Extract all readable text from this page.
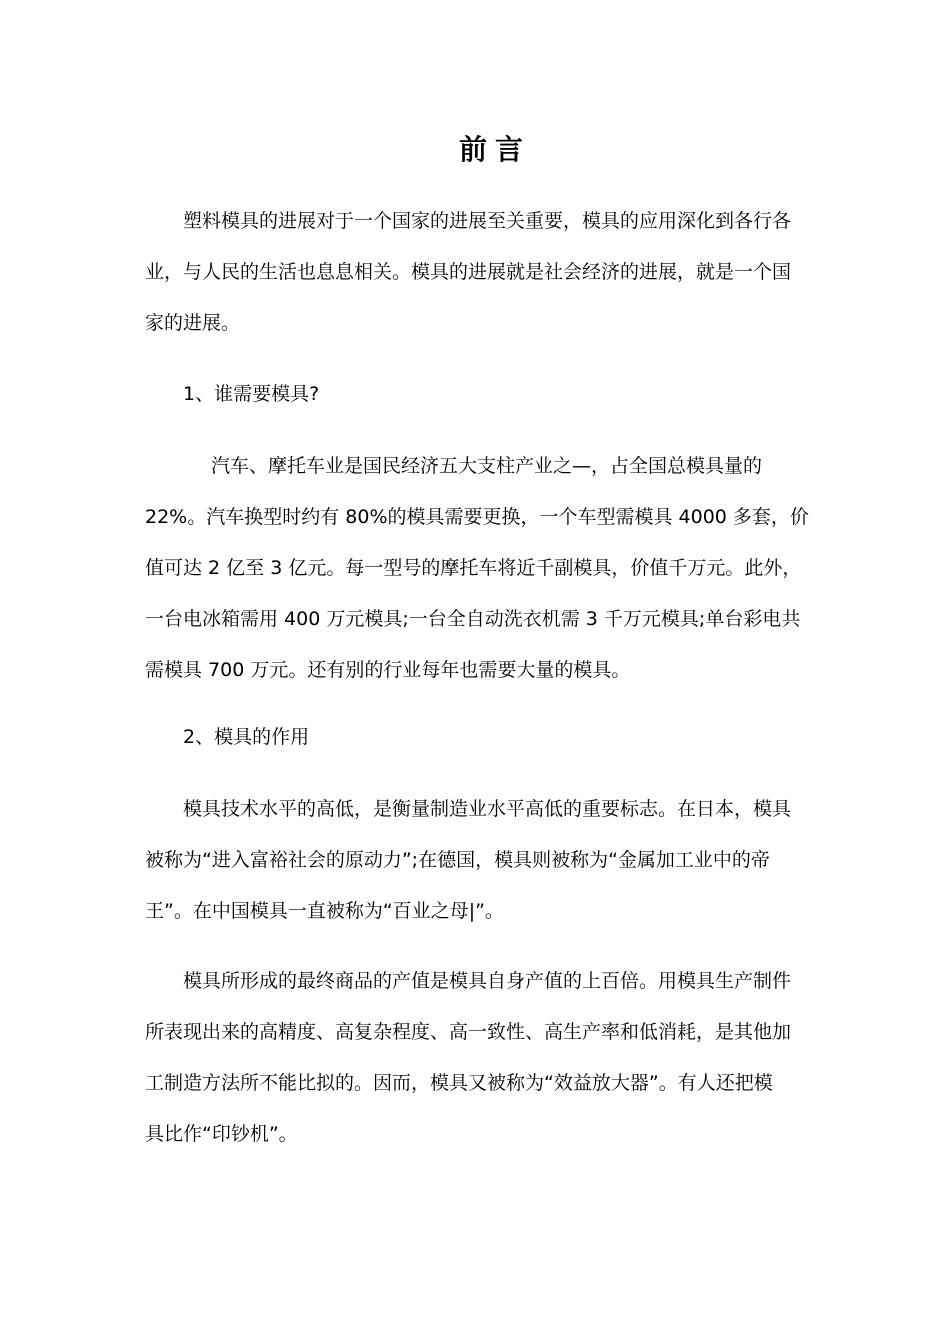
前言
塑料模具的进展对于一个国家的进展至关重要，模具的应用深化到各行各
业，与人民的生活也息息相关。模具的进展就是社会经济的进展，就是一个国
家的进展。
1、谁需要模具?
汽车、摩托车业是国民经济五大支柱产业之—，占全国总模具量的
22%。汽车换型时约有 80%的模具需要更换，一个车型需模具 4000 多套，价
值可达 2 亿至 3 亿元。每一型号的摩托车将近千副模具，价值千万元。此外，
一台电冰箱需用 400 万元模具;一台全自动洗衣机需 3 千万元模具;单台彩电共
需模具 700 万元。还有别的行业每年也需要大量的模具。
2、模具的作用
模具技术水平的高低，是衡量制造业水平高低的重要标志。在日本，模具
被称为“进入富裕社会的原动力”;在德国，模具则被称为“金属加工业中的帝
王”。在中国模具一直被称为“百业之母|”。
模具所形成的最终商品的产值是模具自身产值的上百倍。用模具生产制件
所表现出来的高精度、高复杂程度、高一致性、高生产率和低消耗，是其他加
工制造方法所不能比拟的。因而，模具又被称为“效益放大器”。有人还把模
具比作“印钞机”。
